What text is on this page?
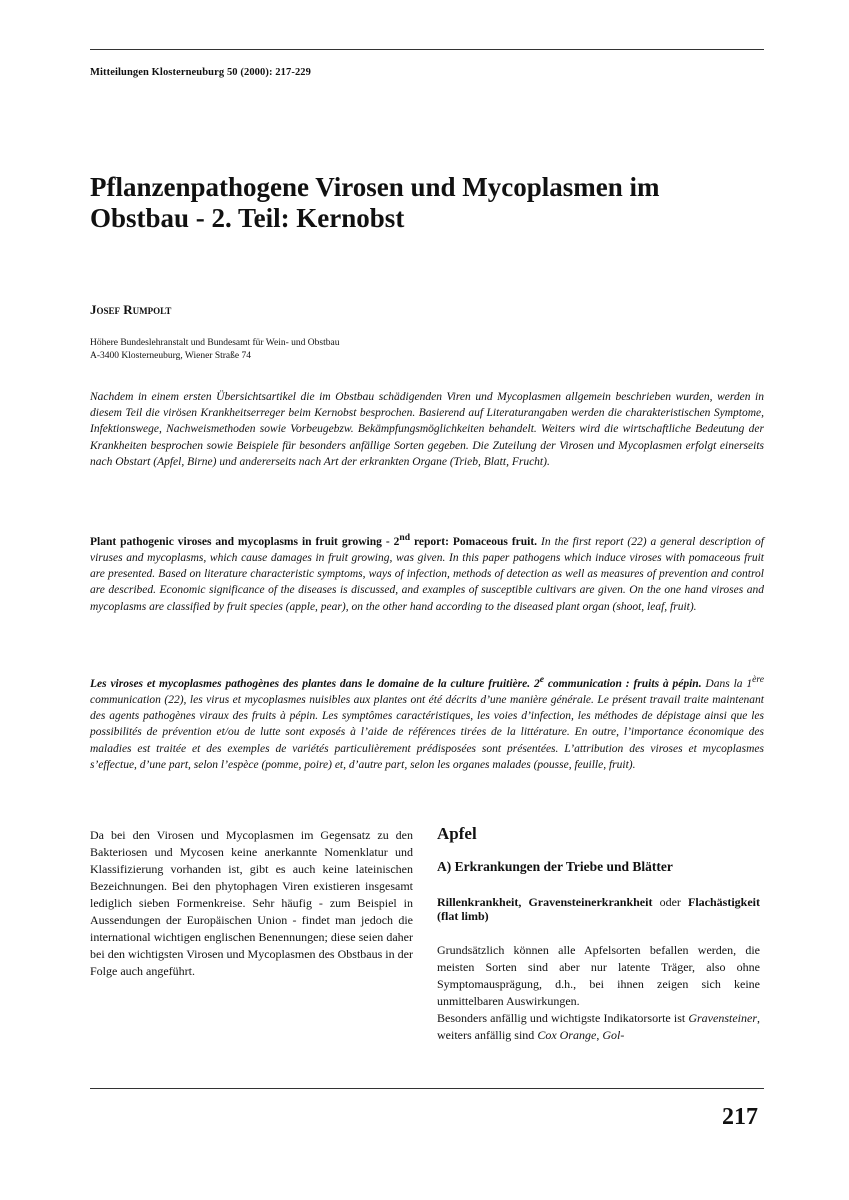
Mitteilungen Klosterneuburg 50 (2000): 217-229
Pflanzenpathogene Virosen und Mycoplasmen im Obstbau - 2. Teil: Kernobst
Josef Rumpolt
Höhere Bundeslehranstalt und Bundesamt für Wein- und Obstbau
A-3400 Klosterneuburg, Wiener Straße 74

Nachdem in einem ersten Übersichtsartikel die im Obstbau schädigenden Viren und Mycoplasmen allgemein beschrieben wurden, werden in diesem Teil die virösen Krankheitserreger beim Kernobst besprochen. Basierend auf Literaturangaben werden die charakteristischen Symptome, Infektionswege, Nachweismethoden sowie Vorbeugebzw. Bekämpfungsmöglichkeiten behandelt. Weiters wird die wirtschaftliche Bedeutung der Krankheiten besprochen sowie Beispiele für besonders anfällige Sorten gegeben. Die Zuteilung der Virosen und Mycoplasmen erfolgt einerseits nach Obstart (Apfel, Birne) und andererseits nach Art der erkrankten Organe (Trieb, Blatt, Frucht).

Plant pathogenic viroses and mycoplasms in fruit growing - 2nd report: Pomaceous fruit. In the first report (22) a general description of viruses and mycoplasms, which cause damages in fruit growing, was given. In this paper pathogens which induce viroses with pomaceous fruit are presented. Based on literature characteristic symptoms, ways of infection, methods of detection as well as measures of prevention and control are described. Economic significance of the diseases is discussed, and examples of susceptible cultivars are given. On the one hand viroses and mycoplasms are classified by fruit species (apple, pear), on the other hand according to the diseased plant organ (shoot, leaf, fruit).

Les viroses et mycoplasmes pathogènes des plantes dans le domaine de la culture fruitière. 2e communication : fruits à pépin. Dans la 1ère communication (22), les virus et mycoplasmes nuisibles aux plantes ont été décrits d’une manière générale. Le présent travail traite maintenant des agents pathogènes viraux des fruits à pépin. Les symptômes caractéristiques, les voies d’infection, les méthodes de dépistage ainsi que les possibilités de prévention et/ou de lutte sont exposés à l’aide de références tirées de la littérature. En outre, l’importance économique des maladies est traitée et des exemples de variétés particulièrement prédisposées sont présentées. L’attribution des viroses et mycoplasmes s’effectue, d’une part, selon l’espèce (pomme, poire) et, d’autre part, selon les organes malades (pousse, feuille, fruit).

Da bei den Virosen und Mycoplasmen im Gegensatz zu den Bakteriosen und Mycosen keine anerkannte Nomenklatur und Klassifizierung vorhanden ist, gibt es auch keine lateinischen Bezeichnungen. Bei den phytophagen Viren existieren insgesamt lediglich sieben Formenkreise. Sehr häufig - zum Beispiel in Aussendungen der Europäischen Union - findet man jedoch die international wichtigen englischen Benennungen; diese seien daher bei den wichtigsten Virosen und Mycoplasmen des Obstbaus in der Folge auch angeführt.

Apfel

A) Erkrankungen der Triebe und Blätter

Rillenkrankheit, Gravensteinerkrankheit oder Flachästigkeit (flat limb)

Grundsätzlich können alle Apfelsorten befallen werden, die meisten Sorten sind aber nur latente Träger, also ohne Symptomausprägung, d.h., bei ihnen zeigen sich keine unmittelbaren Auswirkungen.

Besonders anfällig und wichtigste Indikatorsorte ist Gravensteiner, weiters anfällig sind Cox Orange, Gol-

217
